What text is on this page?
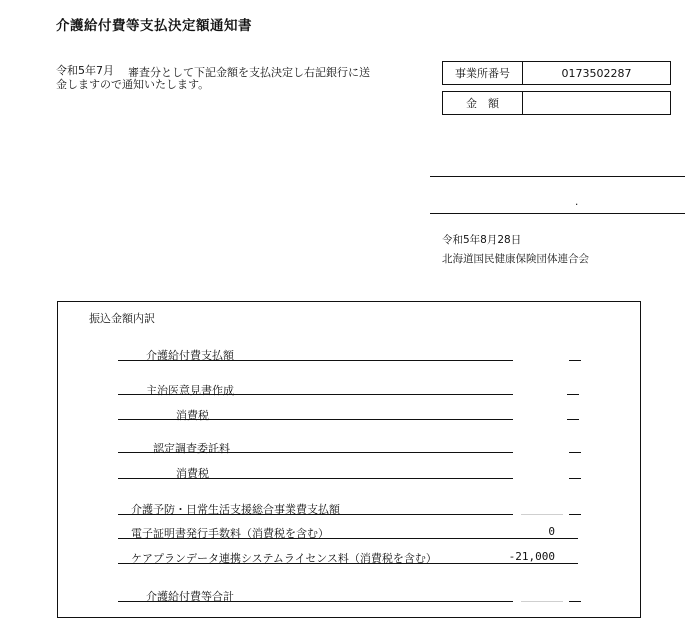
介護給付費等支払決定額通知書
令和5年7月 審査分として下記金額を支払決定し右記銀行に送
金しますので通知いたします。
事業所番号	0173502287

金　額	
.
令和5年8月28日
北海道国民健康保険団体連合会
振込金額内訳
介護給付費支払額
主治医意見書作成
消費税
認定調査委託料
消費税
介護予防・日常生活支援総合事業費支払額
電子証明書発行手数料（消費税を含む）	0
ケアプランデータ連携システムライセンス料（消費税を含む）	-21,000
介護給付費等合計
